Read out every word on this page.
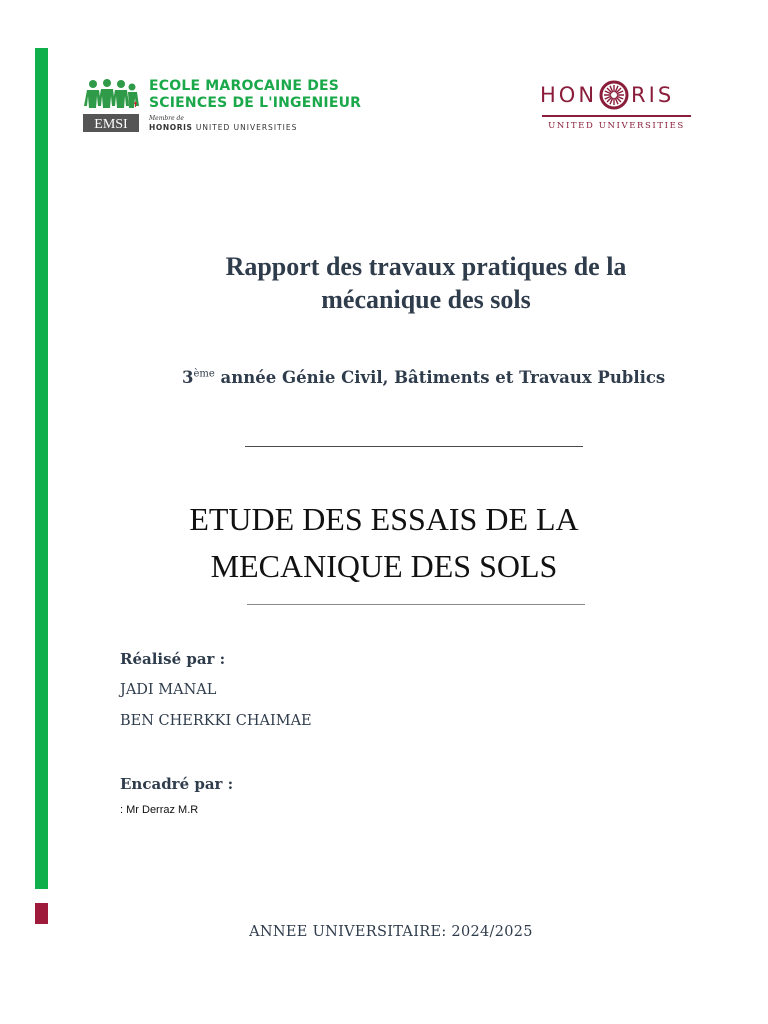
EMSI
ECOLE MAROCAINE DES
SCIENCES DE L'INGENIEUR
Membre de
HONORIS UNITED UNIVERSITIES
HON RIS
UNITED UNIVERSITIES
Rapport des travaux pratiques de la
mécanique des sols
3ème année Génie Civil, Bâtiments et Travaux Publics
ETUDE DES ESSAIS DE LA
MECANIQUE DES SOLS
Réalisé par :
JADI MANAL
BEN CHERKKI CHAIMAE
Encadré par :
: Mr Derraz M.R
ANNEE UNIVERSITAIRE: 2024/2025
